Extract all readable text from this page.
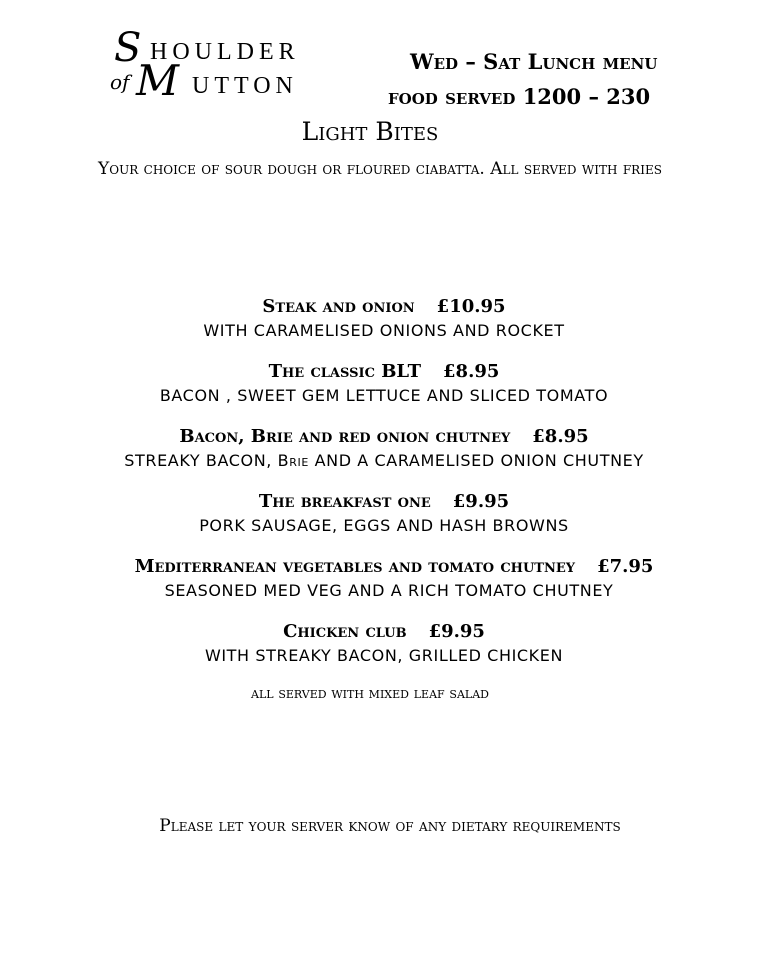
S HOULDER
of M UTTON
Wed – Sat Lunch menu
food served 1200 – 230
Light Bites
Your choice of sour dough or floured ciabatta. All served with fries
Steak and onion £10.95
WITH CARAMELISED ONIONS AND ROCKET
The classic BLT £8.95
BACON , SWEET GEM LETTUCE AND SLICED TOMATO
Bacon, Brie and red onion chutney £8.95
STREAKY BACON, Brie AND A CARAMELISED ONION CHUTNEY
The breakfast one £9.95
PORK SAUSAGE, EGGS AND HASH BROWNS
Mediterranean vegetables and tomato chutney £7.95
SEASONED MED VEG AND A RICH TOMATO CHUTNEY
Chicken club £9.95
WITH STREAKY BACON, GRILLED CHICKEN
all served with mixed leaf salad
Please let your server know of any dietary requirements
